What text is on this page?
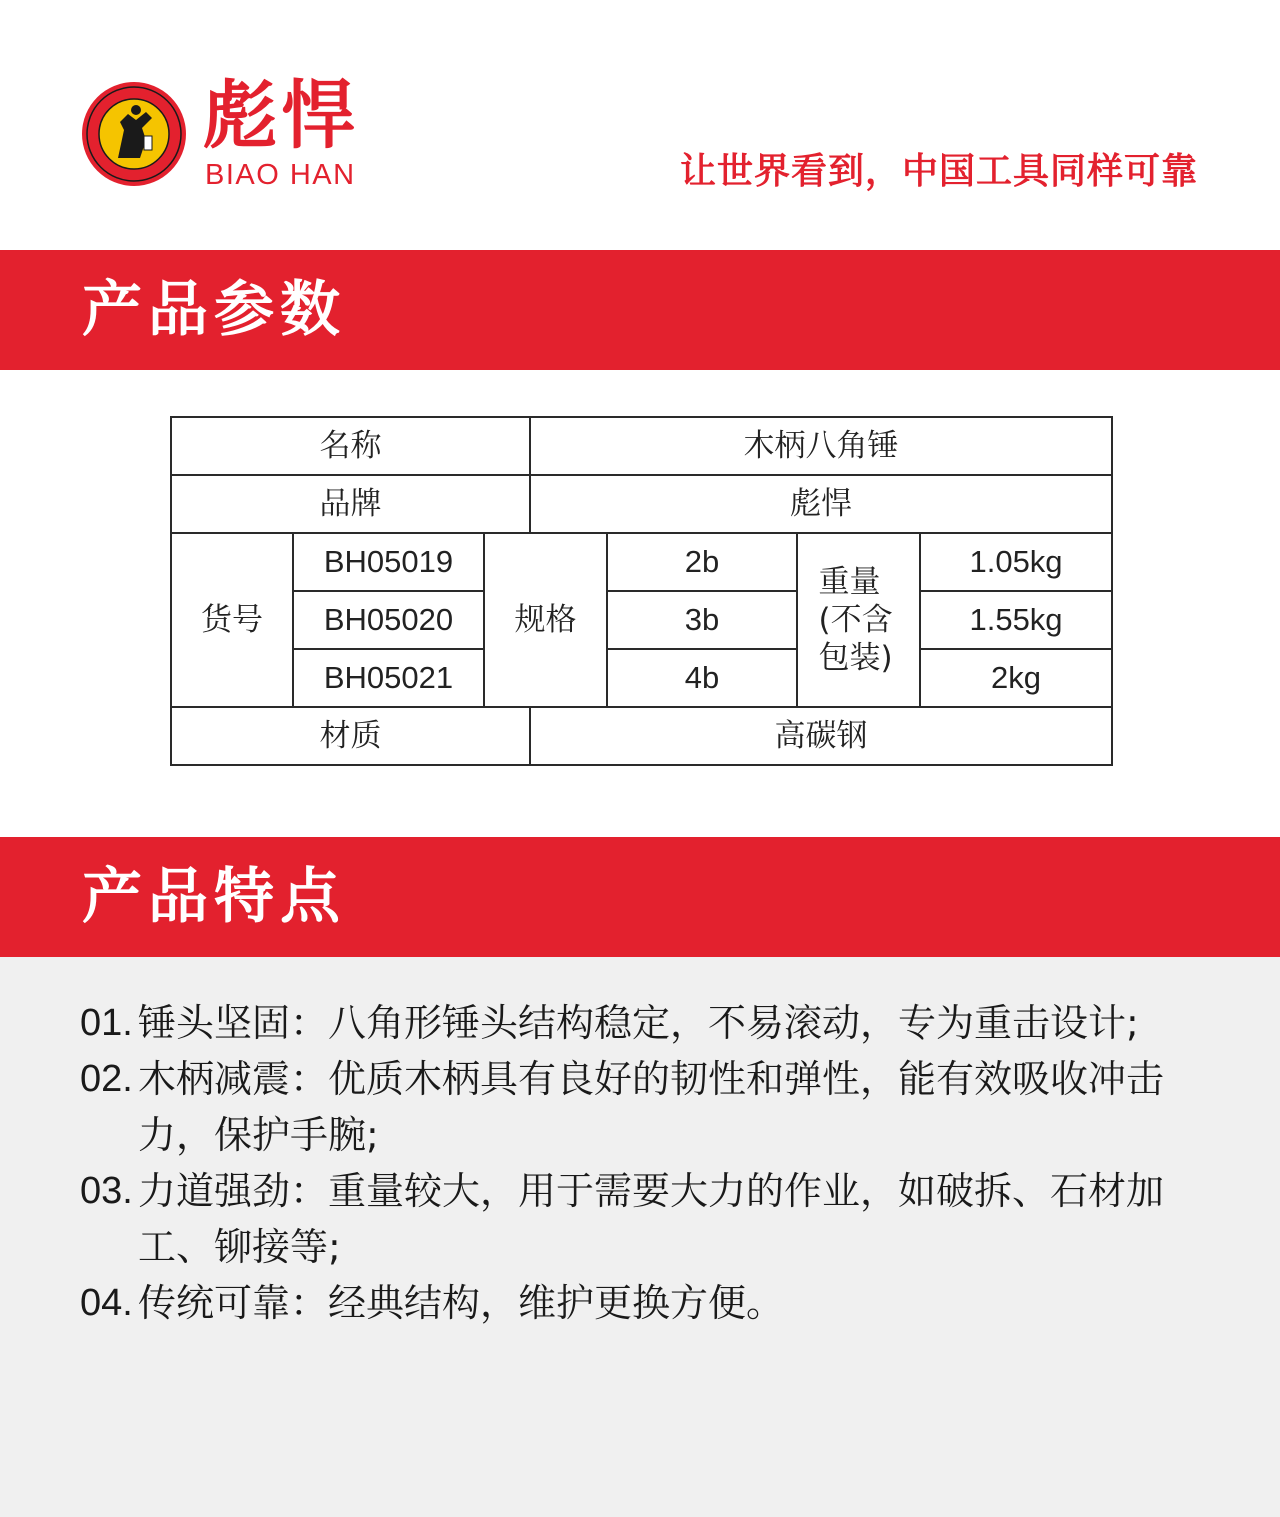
彪悍
BIAO HAN	让世界看到，中国工具同样可靠
产品参数
名称			木柄八角锤			
品牌			彪悍			
货号	BH05019	规格		2b	重量(不含包装)	1.05kg
	BH05020			3b		1.55kg
	BH05021			4b		2kg
材质			高碳钢			
产品特点
01. 锤头坚固：八角形锤头结构稳定，不易滚动，专为重击设计;
02. 木柄减震：优质木柄具有良好的韧性和弹性，能有效吸收冲击力，保护手腕;
03. 力道强劲：重量较大，用于需要大力的作业，如破拆、石材加工、铆接等;
04. 传统可靠：经典结构，维护更换方便。
